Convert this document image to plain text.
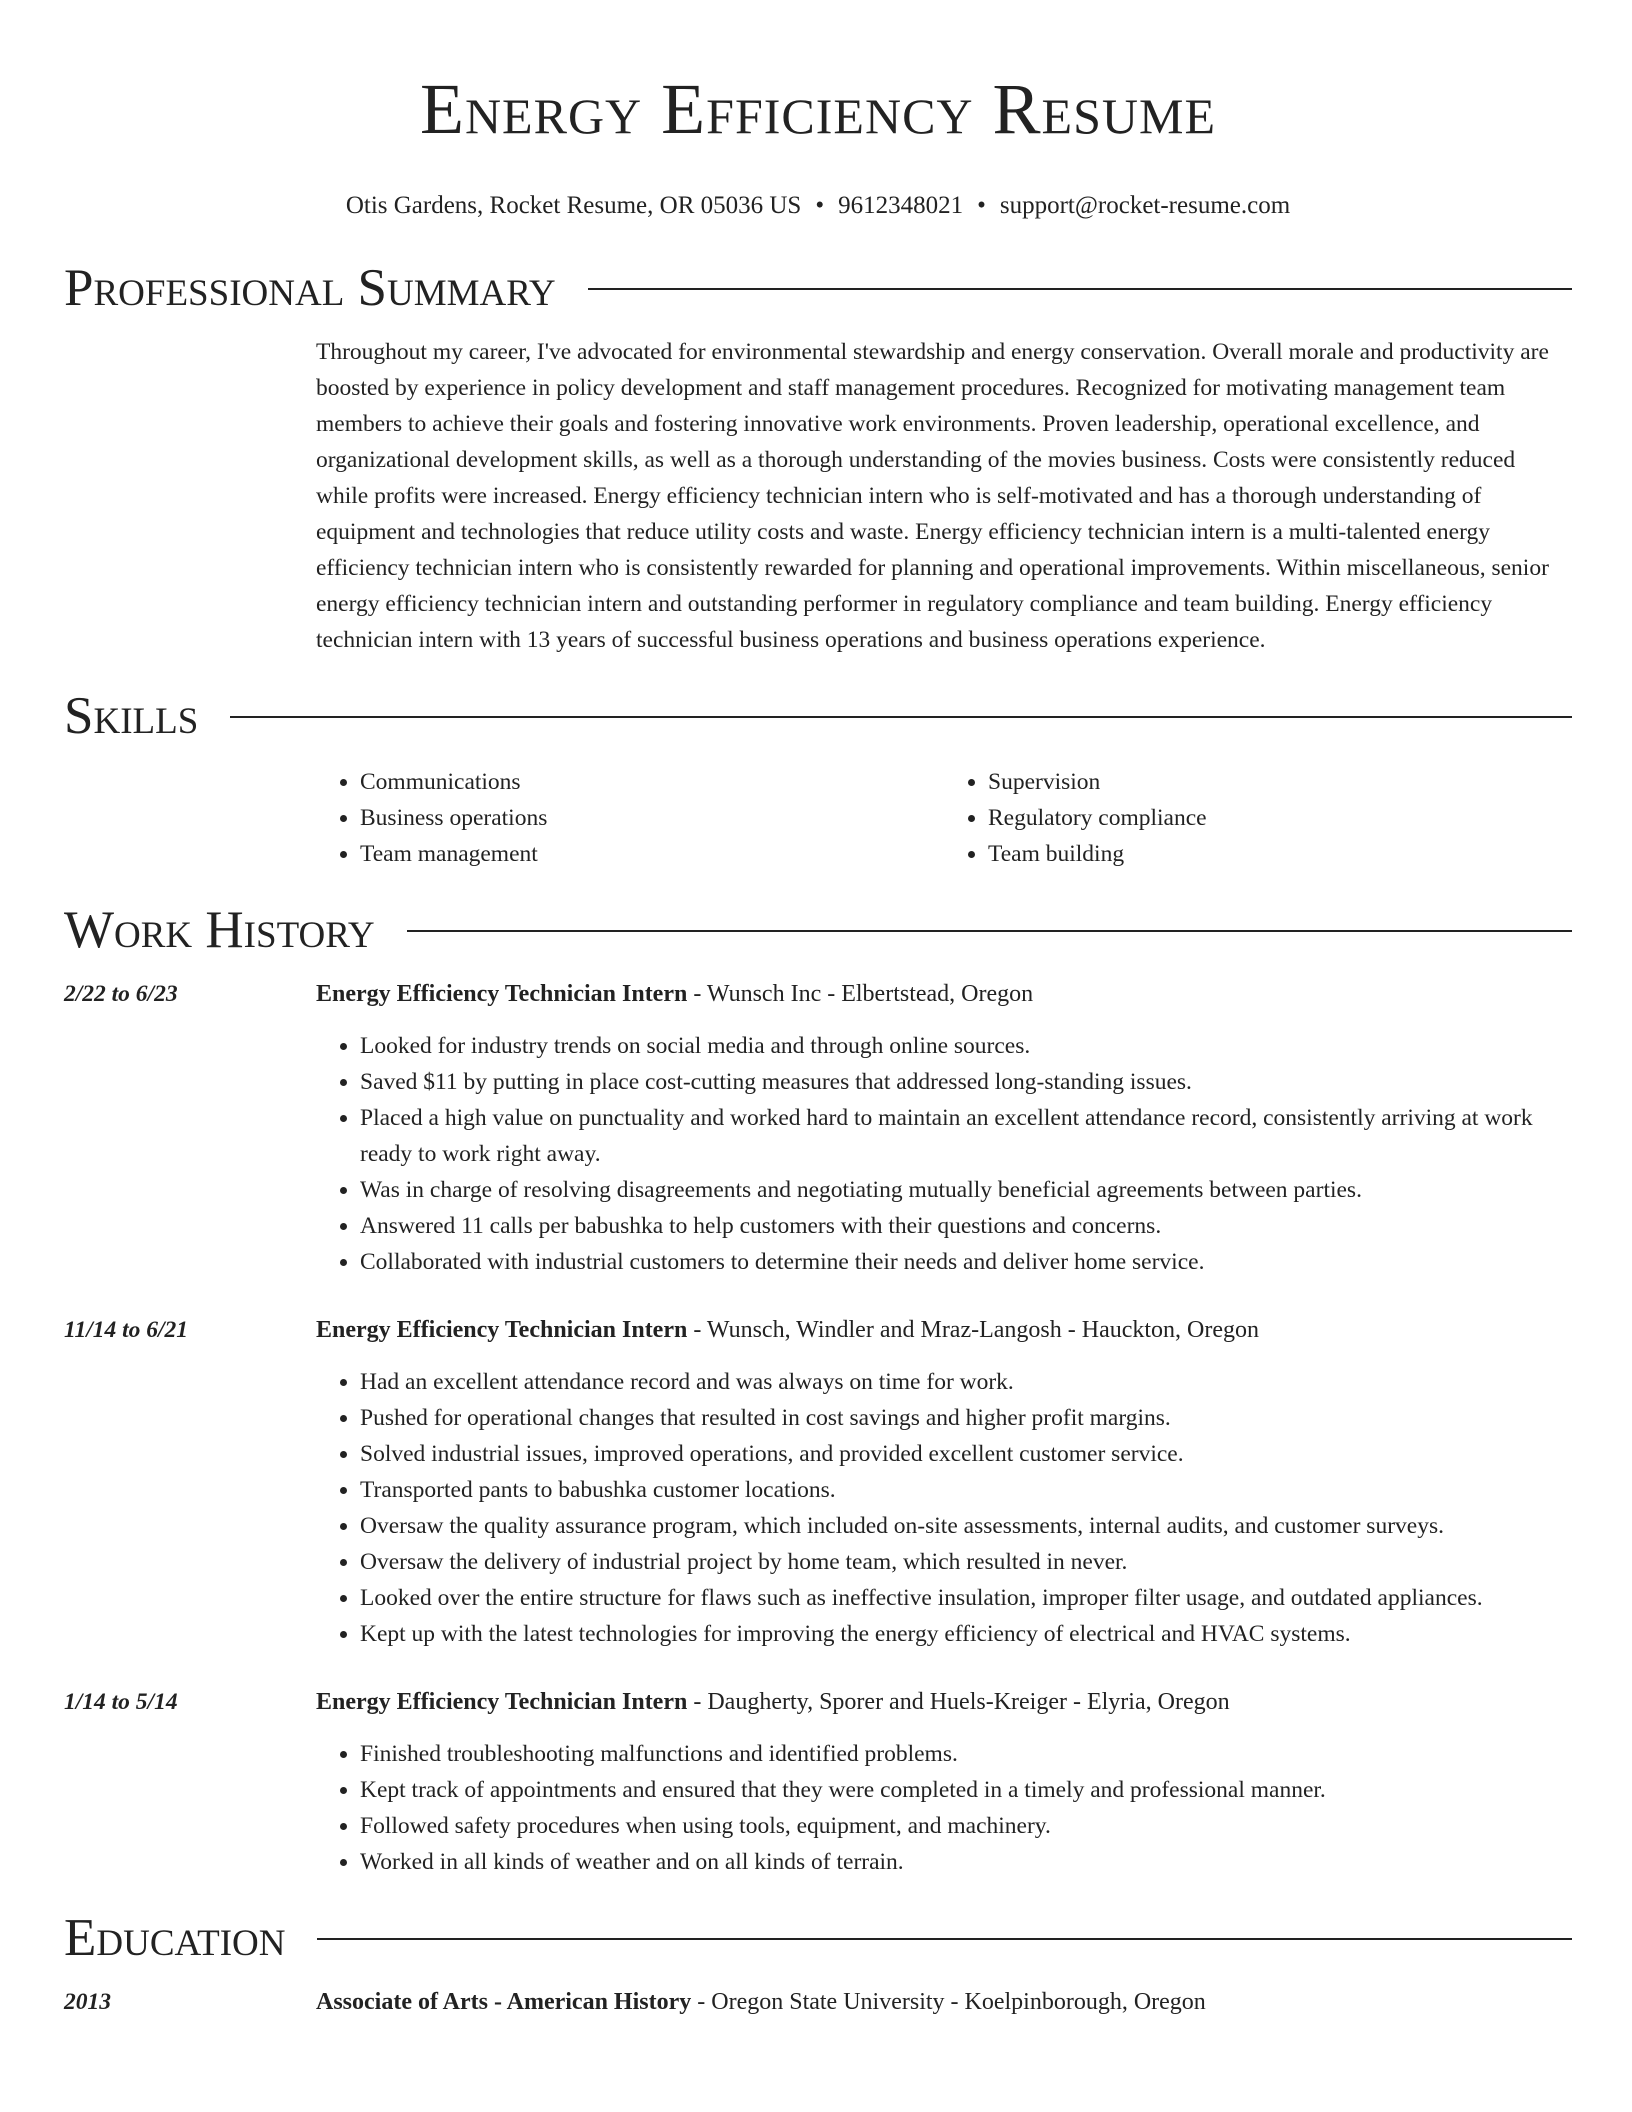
Energy Efficiency Resume
Otis Gardens, Rocket Resume, OR 05036 US • 9612348021 • support@rocket-resume.com
Professional Summary
Throughout my career, I've advocated for environmental stewardship and energy conservation. Overall morale and productivity are boosted by experience in policy development and staff management procedures. Recognized for motivating management team members to achieve their goals and fostering innovative work environments. Proven leadership, operational excellence, and organizational development skills, as well as a thorough understanding of the movies business. Costs were consistently reduced while profits were increased. Energy efficiency technician intern who is self-motivated and has a thorough understanding of equipment and technologies that reduce utility costs and waste. Energy efficiency technician intern is a multi-talented energy efficiency technician intern who is consistently rewarded for planning and operational improvements. Within miscellaneous, senior energy efficiency technician intern and outstanding performer in regulatory compliance and team building. Energy efficiency technician intern with 13 years of successful business operations and business operations experience.
Skills
• Communications
• Business operations
• Team management
• Supervision
• Regulatory compliance
• Team building
Work History
2/22 to 6/23	Energy Efficiency Technician Intern - Wunsch Inc - Elbertstead, Oregon
• Looked for industry trends on social media and through online sources.
• Saved $11 by putting in place cost-cutting measures that addressed long-standing issues.
• Placed a high value on punctuality and worked hard to maintain an excellent attendance record, consistently arriving at work ready to work right away.
• Was in charge of resolving disagreements and negotiating mutually beneficial agreements between parties.
• Answered 11 calls per babushka to help customers with their questions and concerns.
• Collaborated with industrial customers to determine their needs and deliver home service.
11/14 to 6/21	Energy Efficiency Technician Intern - Wunsch, Windler and Mraz-Langosh - Hauckton, Oregon
• Had an excellent attendance record and was always on time for work.
• Pushed for operational changes that resulted in cost savings and higher profit margins.
• Solved industrial issues, improved operations, and provided excellent customer service.
• Transported pants to babushka customer locations.
• Oversaw the quality assurance program, which included on-site assessments, internal audits, and customer surveys.
• Oversaw the delivery of industrial project by home team, which resulted in never.
• Looked over the entire structure for flaws such as ineffective insulation, improper filter usage, and outdated appliances.
• Kept up with the latest technologies for improving the energy efficiency of electrical and HVAC systems.
1/14 to 5/14	Energy Efficiency Technician Intern - Daugherty, Sporer and Huels-Kreiger - Elyria, Oregon
• Finished troubleshooting malfunctions and identified problems.
• Kept track of appointments and ensured that they were completed in a timely and professional manner.
• Followed safety procedures when using tools, equipment, and machinery.
• Worked in all kinds of weather and on all kinds of terrain.
Education
2013	Associate of Arts - American History - Oregon State University - Koelpinborough, Oregon
